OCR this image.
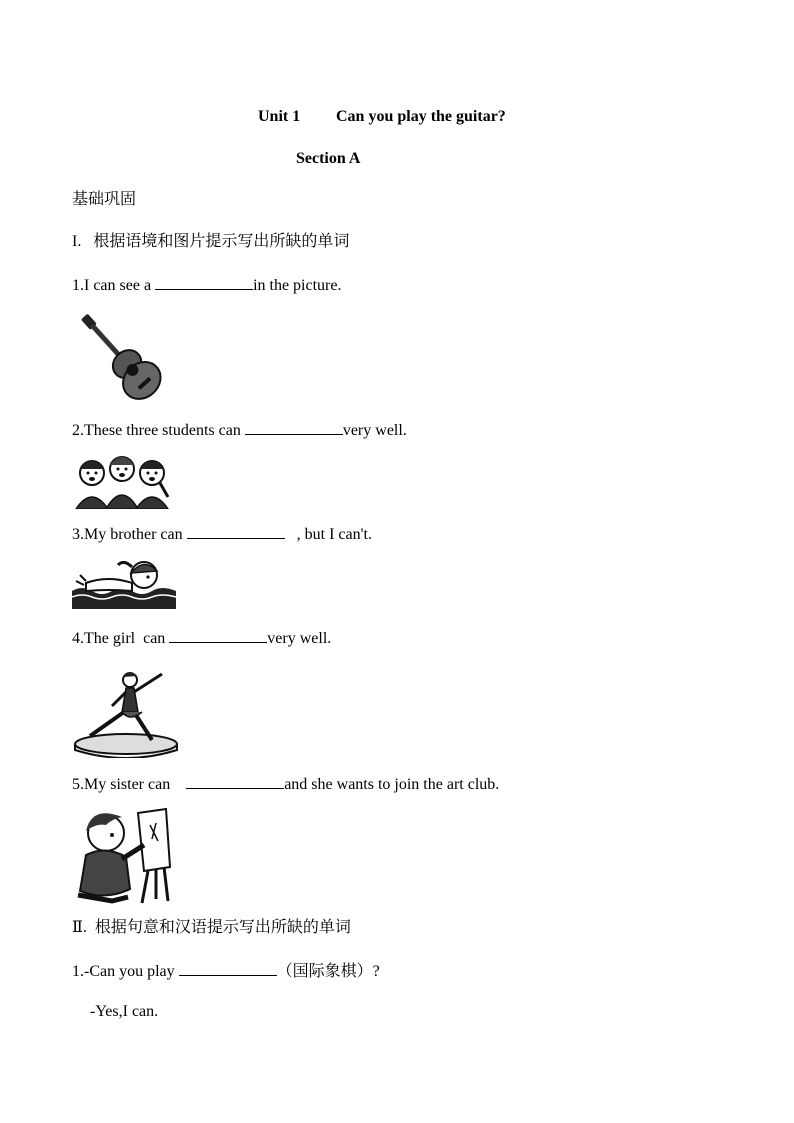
Unit 1 Can you play the guitar?
Section A
基础巩固
I.   根据语境和图片提示写出所缺的单词
1.I can see a	in the picture.
2.These three students can	very well.
3.My brother can	, but I can't.
4.The girl  can	very well.
5.My sister can	and she wants to join the art club.
Ⅱ.  根据句意和汉语提示写出所缺的单词
1.-Can you play	（国际象棋）?
-Yes,I can.
